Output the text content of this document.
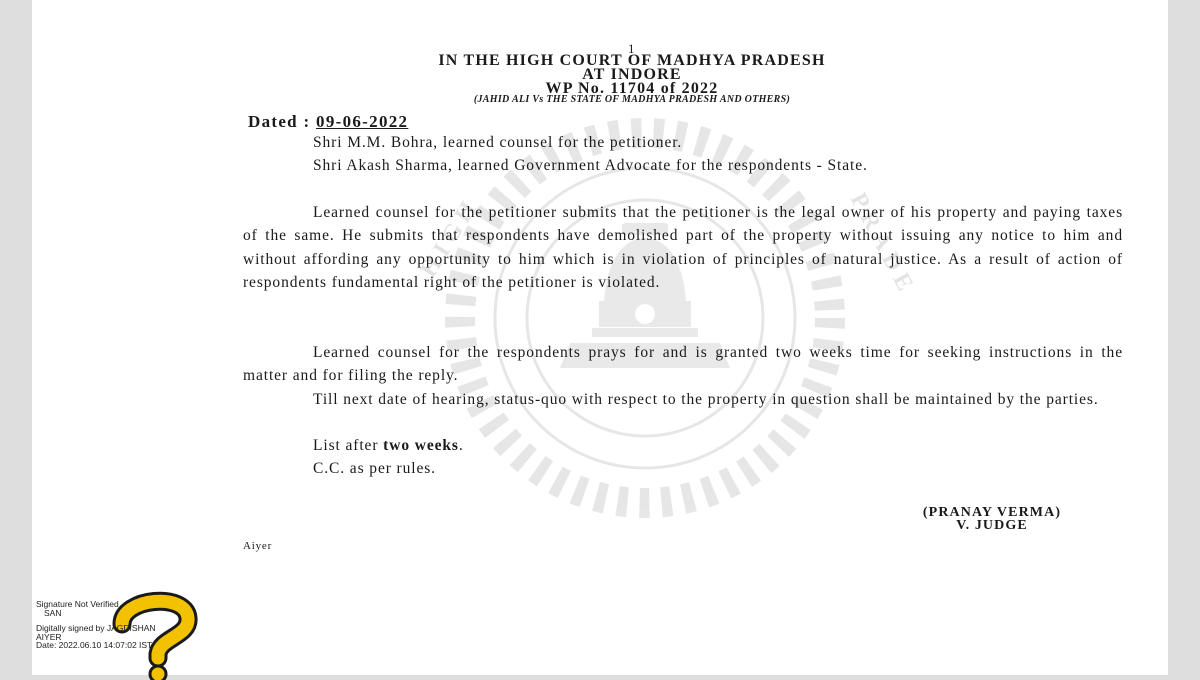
HIGH	PRADE
1
IN THE HIGH COURT OF MADHYA PRADESH
AT INDORE
WP No. 11704 of 2022
(JAHID ALI Vs THE STATE OF MADHYA PRADESH AND OTHERS)
Dated : 09-06-2022
Shri M.M. Bohra, learned counsel for the petitioner.
Shri Akash Sharma, learned Government Advocate for the respondents - State.
Learned counsel for the petitioner submits that the petitioner is the legal owner of his property and paying taxes of the same. He submits that respondents have demolished part of the property without issuing any notice to him and without affording any opportunity to him which is in violation of principles of natural justice. As a result of action of respondents fundamental right of the petitioner is violated.
Learned counsel for the respondents prays for and is granted two weeks time for seeking instructions in the matter and for filing the reply.
Till next date of hearing, status-quo with respect to the property in question shall be maintained by the parties.
List after two weeks.
C.C. as per rules.
(PRANAY VERMA)
V. JUDGE
Aiyer
Signature Not Verified
SAN
Digitally signed by JAGDISHAN
AIYER
Date: 2022.06.10 14:07:02 IST
